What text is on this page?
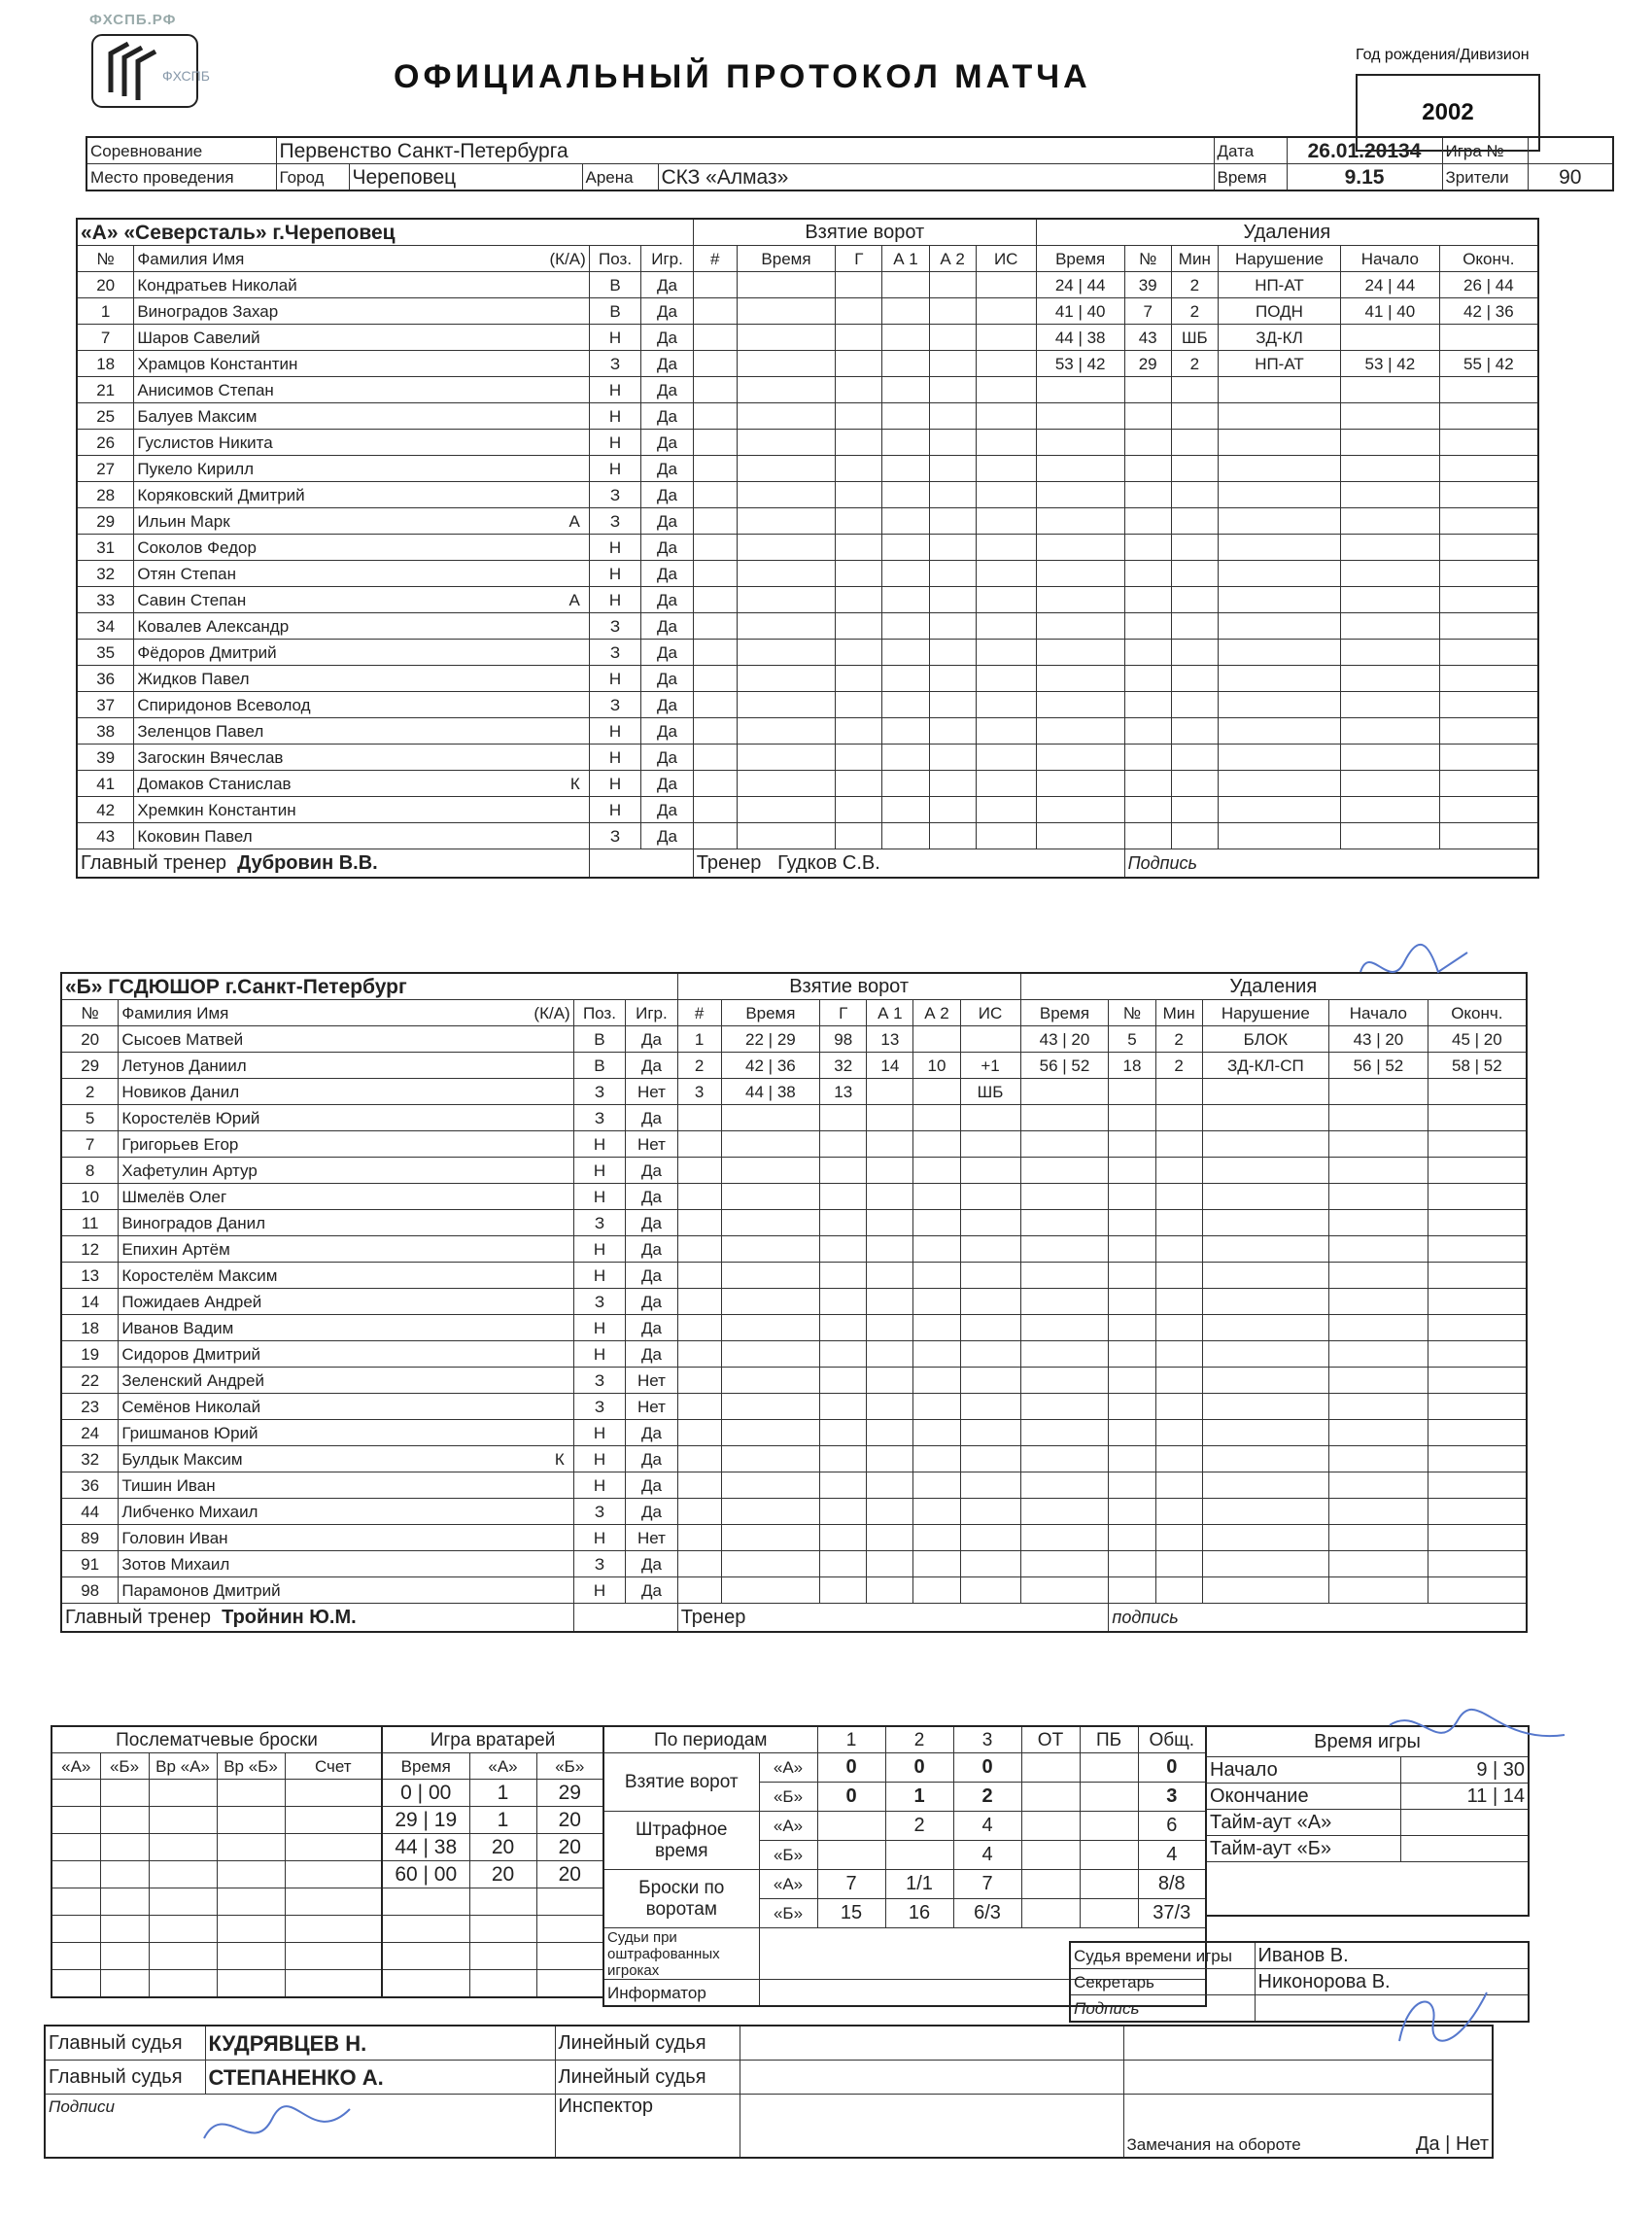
ФХСПБ.РФ
ФХСПБ	ОФИЦИАЛЬНЫЙ ПРОТОКОЛ МАТЧА
Год рождения/Дивизион
2002
Соревнование	Первенство Санкт-Петербурга				Дата	26.01.20134	Игра №	
Место проведения	Город	Череповец	Арена	СКЗ «Алмаз»	Время	9.15	Зрители	90
«А» «Северсталь» г.Череповец				Взятие ворот						Удаления					
№	Фамилия Имя (К/А)	Поз.	Игр.	#	Время	Г	А 1	А 2	ИС	Время	№	Мин	Нарушение	Начало	Оконч.
20	Кондратьев Николай	В	Да							24 | 44	39	2	НП-АТ	24 | 44	26 | 44
1	Виноградов Захар	В	Да							41 | 40	7	2	ПОДН	41 | 40	42 | 36
7	Шаров Савелий	Н	Да							44 | 38	43	ШБ	ЗД-КЛ		
18	Храмцов Константин	З	Да							53 | 42	29	2	НП-АТ	53 | 42	55 | 42
21	Анисимов Степан	Н	Да												
25	Балуев Максим	Н	Да												
26	Гуслистов Никита	Н	Да												
27	Пукело Кирилл	Н	Да												
28	Коряковский Дмитрий	З	Да												
29	Ильин Марк А	З	Да												
31	Соколов Федор	Н	Да												
32	Отян Степан	Н	Да												
33	Савин Степан А	Н	Да												
34	Ковалев Александр	З	Да												
35	Фёдоров Дмитрий	З	Да												
36	Жидков Павел	Н	Да												
37	Спиридонов Всеволод	З	Да												
38	Зеленцов Павел	Н	Да												
39	Загоскин Вячеслав	Н	Да												
41	Домаков Станислав К	Н	Да												
42	Хремкин Константин	Н	Да												
43	Коковин Павел	З	Да												
Главный тренер Дубровин В.В.				Тренер Гудков С.В.							Подпись				
«Б» ГСДЮШОР г.Санкт-Петербург				Взятие ворот						Удаления					
№	Фамилия Имя (К/А)	Поз.	Игр.	#	Время	Г	А 1	А 2	ИС	Время	№	Мин	Нарушение	Начало	Оконч.
20	Сысоев Матвей	В	Да	1	22 | 29	98	13			43 | 20	5	2	БЛОК	43 | 20	45 | 20
29	Летунов Даниил	В	Да	2	42 | 36	32	14	10	+1	56 | 52	18	2	ЗД-КЛ-СП	56 | 52	58 | 52
2	Новиков Данил	З	Нет	3	44 | 38	13			ШБ						
5	Коростелёв Юрий	З	Да												
7	Григорьев Егор	Н	Нет												
8	Хафетулин Артур	Н	Да												
10	Шмелёв Олег	Н	Да												
11	Виноградов Данил	З	Да												
12	Епихин Артём	Н	Да												
13	Коростелём Максим	Н	Да												
14	Пожидаев Андрей	З	Да												
18	Иванов Вадим	Н	Да												
19	Сидоров Дмитрий	Н	Да												
22	Зеленский Андрей	З	Нет												
23	Семёнов Николай	З	Нет												
24	Гришманов Юрий	Н	Да												
32	Булдык Максим К	Н	Да												
36	Тишин Иван	Н	Да												
44	Либченко Михаил	З	Да												
89	Головин Иван	Н	Нет												
91	Зотов Михаил	З	Да												
98	Парамонов Дмитрий	Н	Да												
Главный тренер Тройнин Ю.М.				Тренер							подпись				
Послематчевые броски				
«А»	«Б»	Вр «А»	Вр «Б»	Счет

Игра вратарей		
Время	«А»	«Б»
0 | 00	1	29
29 | 19	1	20
44 | 38	20	20
60 | 00	20	20

По периодам		1	2	3	ОТ	ПБ	Общ.
Взятие ворот	«А»	0	0	0			0
	«Б»	0	1	2			3
Штрафное время	«А»		2	4			6
	«Б»			4			4
Броски по воротам	«А»	7	1/1	7			8/8
	«Б»	15	16	6/3			37/3
Судьи при оштрафованных игроках							
Информатор							
Время игры	
Начало	9 | 30
Окончание	11 | 14
Тайм-аут «А»	
Тайм-аут «Б»	

Судья времени игры	Иванов В.
Секретарь	Никонорова В.
Подпись	
Главный судья	КУДРЯВЦЕВ Н.	Линейный судья		
Главный судья	СТЕПАНЕНКО А.	Линейный судья		
Подписи		Инспектор		Замечания на обороте Да | Нет
